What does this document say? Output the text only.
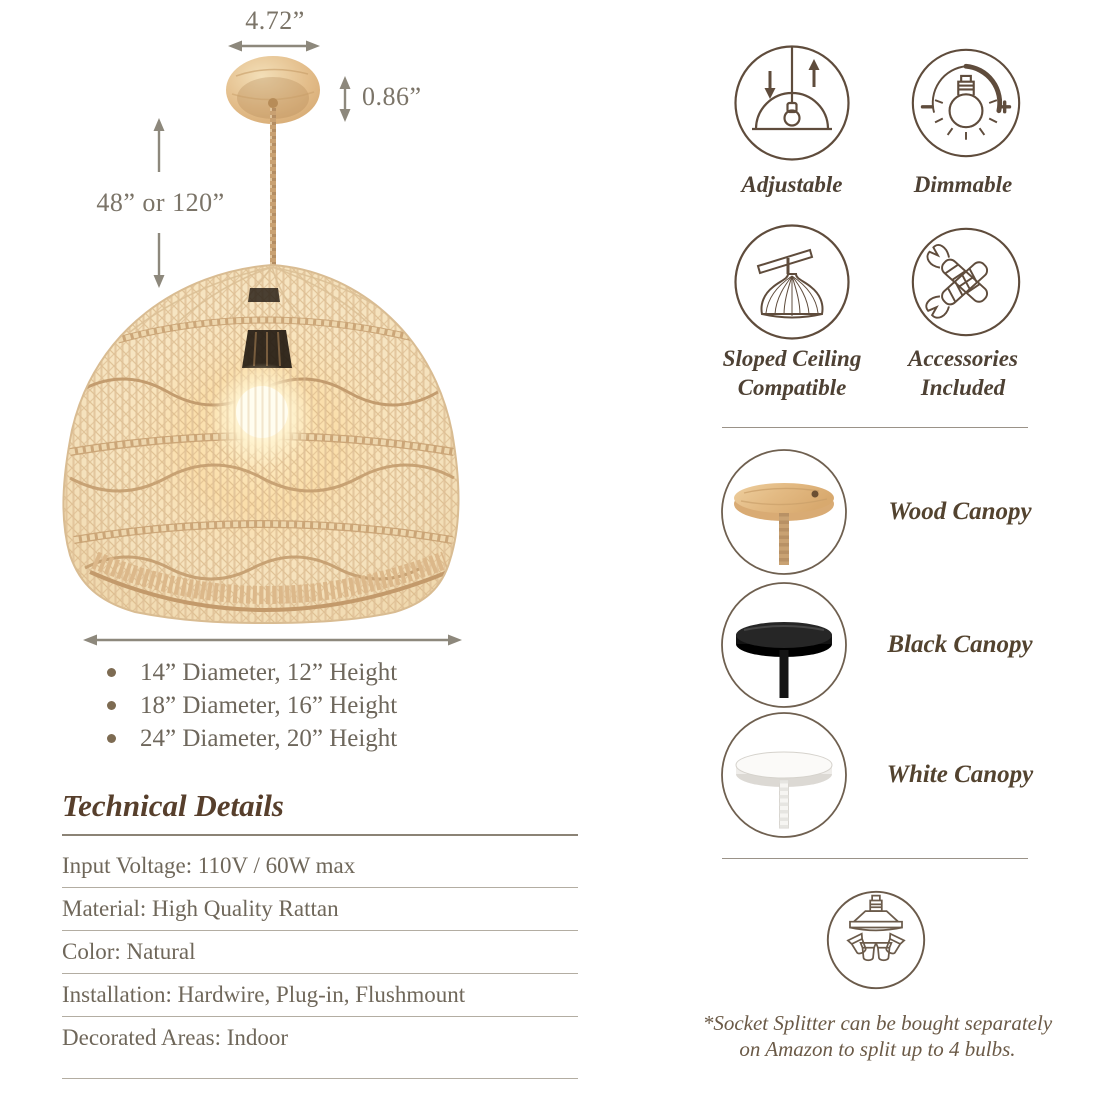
4.72”
0.86”
48” or 120”
14” Diameter, 12” Height
18” Diameter, 16” Height
24” Diameter, 20” Height
Technical Details
Input Voltage: 110V / 60W max
Material: High Quality Rattan
Color: Natural
Installation: Hardwire, Plug-in, Flushmount
Decorated Areas: Indoor
Adjustable	Dimmable
Sloped Ceiling
Compatible
Accessories
Included
Wood Canopy
Black Canopy
White Canopy
*Socket Splitter can be bought separately
on Amazon to split up to 4 bulbs.
